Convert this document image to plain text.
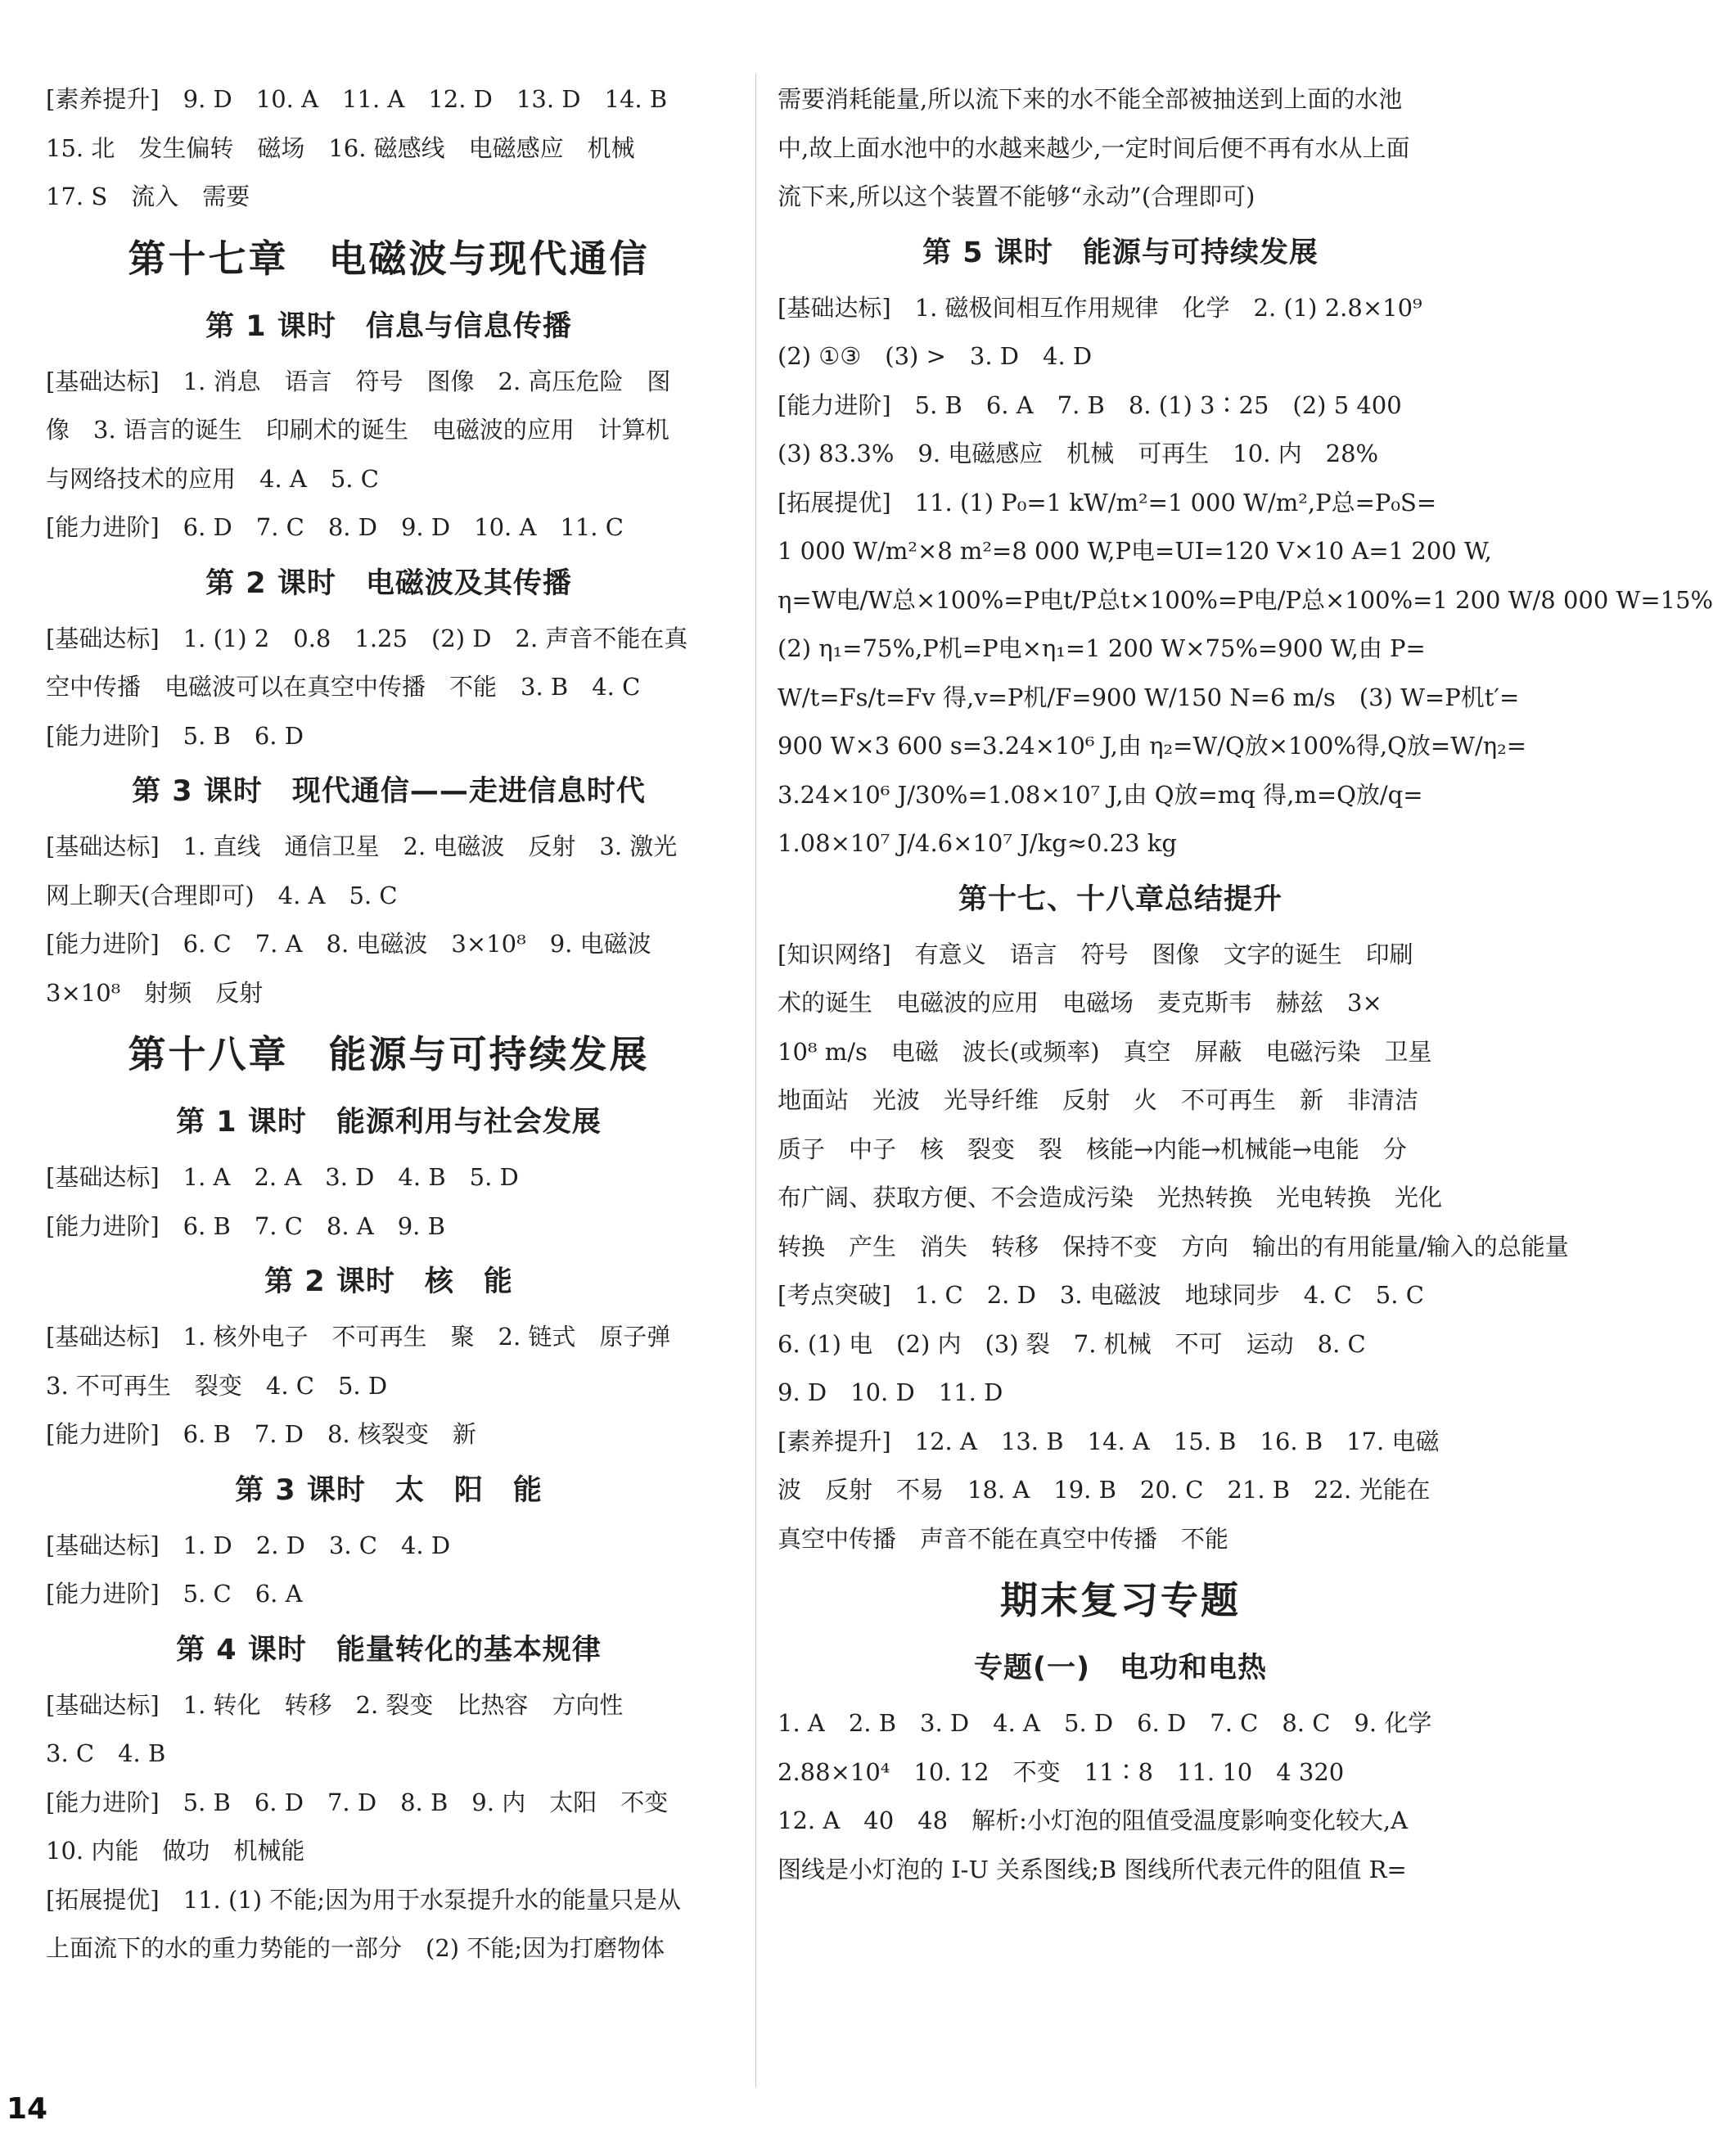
[素养提升]　9. D　10. A　11. A　12. D　13. D　14. B
15. 北　发生偏转　磁场　16. 磁感线　电磁感应　机械
17. S　流入　需要
第十七章　电磁波与现代通信
第 1 课时　信息与信息传播
[基础达标]　1. 消息　语言　符号　图像　2. 高压危险　图
像　3. 语言的诞生　印刷术的诞生　电磁波的应用　计算机
与网络技术的应用　4. A　5. C
[能力进阶]　6. D　7. C　8. D　9. D　10. A　11. C
第 2 课时　电磁波及其传播
[基础达标]　1. (1) 2　0.8　1.25　(2) D　2. 声音不能在真
空中传播　电磁波可以在真空中传播　不能　3. B　4. C
[能力进阶]　5. B　6. D
第 3 课时　现代通信——走进信息时代
[基础达标]　1. 直线　通信卫星　2. 电磁波　反射　3. 激光
网上聊天(合理即可)　4. A　5. C
[能力进阶]　6. C　7. A　8. 电磁波　3×10⁸　9. 电磁波
3×10⁸　射频　反射
第十八章　能源与可持续发展
第 1 课时　能源利用与社会发展
[基础达标]　1. A　2. A　3. D　4. B　5. D
[能力进阶]　6. B　7. C　8. A　9. B
第 2 课时　核　能
[基础达标]　1. 核外电子　不可再生　聚　2. 链式　原子弹
3. 不可再生　裂变　4. C　5. D
[能力进阶]　6. B　7. D　8. 核裂变　新
第 3 课时　太　阳　能
[基础达标]　1. D　2. D　3. C　4. D
[能力进阶]　5. C　6. A
第 4 课时　能量转化的基本规律
[基础达标]　1. 转化　转移　2. 裂变　比热容　方向性
3. C　4. B
[能力进阶]　5. B　6. D　7. D　8. B　9. 内　太阳　不变
10. 内能　做功　机械能
[拓展提优]　11. (1) 不能;因为用于水泵提升水的能量只是从
上面流下的水的重力势能的一部分　(2) 不能;因为打磨物体
需要消耗能量,所以流下来的水不能全部被抽送到上面的水池
中,故上面水池中的水越来越少,一定时间后便不再有水从上面
流下来,所以这个装置不能够“永动”(合理即可)
第 5 课时　能源与可持续发展
[基础达标]　1. 磁极间相互作用规律　化学　2. (1) 2.8×10⁹
(2) ①③　(3) >　3. D　4. D
[能力进阶]　5. B　6. A　7. B　8. (1) 3∶25　(2) 5 400
(3) 83.3%　9. 电磁感应　机械　可再生　10. 内　28%
[拓展提优]　11. (1) P₀=1 kW/m²=1 000 W/m²,P总=P₀S=
1 000 W/m²×8 m²=8 000 W,P电=UI=120 V×10 A=1 200 W,
η=W电/W总×100%=P电t/P总t×100%=P电/P总×100%=1 200 W/8 000 W=15%
(2) η₁=75%,P机=P电×η₁=1 200 W×75%=900 W,由 P=
W/t=Fs/t=Fv 得,v=P机/F=900 W/150 N=6 m/s　(3) W=P机t′=
900 W×3 600 s=3.24×10⁶ J,由 η₂=W/Q放×100%得,Q放=W/η₂=
3.24×10⁶ J/30%=1.08×10⁷ J,由 Q放=mq 得,m=Q放/q=
1.08×10⁷ J/4.6×10⁷ J/kg≈0.23 kg
第十七、十八章总结提升
[知识网络]　有意义　语言　符号　图像　文字的诞生　印刷
术的诞生　电磁波的应用　电磁场　麦克斯韦　赫兹　3×
10⁸ m/s　电磁　波长(或频率)　真空　屏蔽　电磁污染　卫星
地面站　光波　光导纤维　反射　火　不可再生　新　非清洁
质子　中子　核　裂变　裂　核能→内能→机械能→电能　分
布广阔、获取方便、不会造成污染　光热转换　光电转换　光化
转换　产生　消失　转移　保持不变　方向　输出的有用能量/输入的总能量
[考点突破]　1. C　2. D　3. 电磁波　地球同步　4. C　5. C
6. (1) 电　(2) 内　(3) 裂　7. 机械　不可　运动　8. C
9. D　10. D　11. D
[素养提升]　12. A　13. B　14. A　15. B　16. B　17. 电磁
波　反射　不易　18. A　19. B　20. C　21. B　22. 光能在
真空中传播　声音不能在真空中传播　不能
期末复习专题
专题(一)　电功和电热
1. A　2. B　3. D　4. A　5. D　6. D　7. C　8. C　9. 化学
2.88×10⁴　10. 12　不变　11∶8　11. 10　4 320
12. A　40　48　解析:小灯泡的阻值受温度影响变化较大,A
图线是小灯泡的 I-U 关系图线;B 图线所代表元件的阻值 R=
14
